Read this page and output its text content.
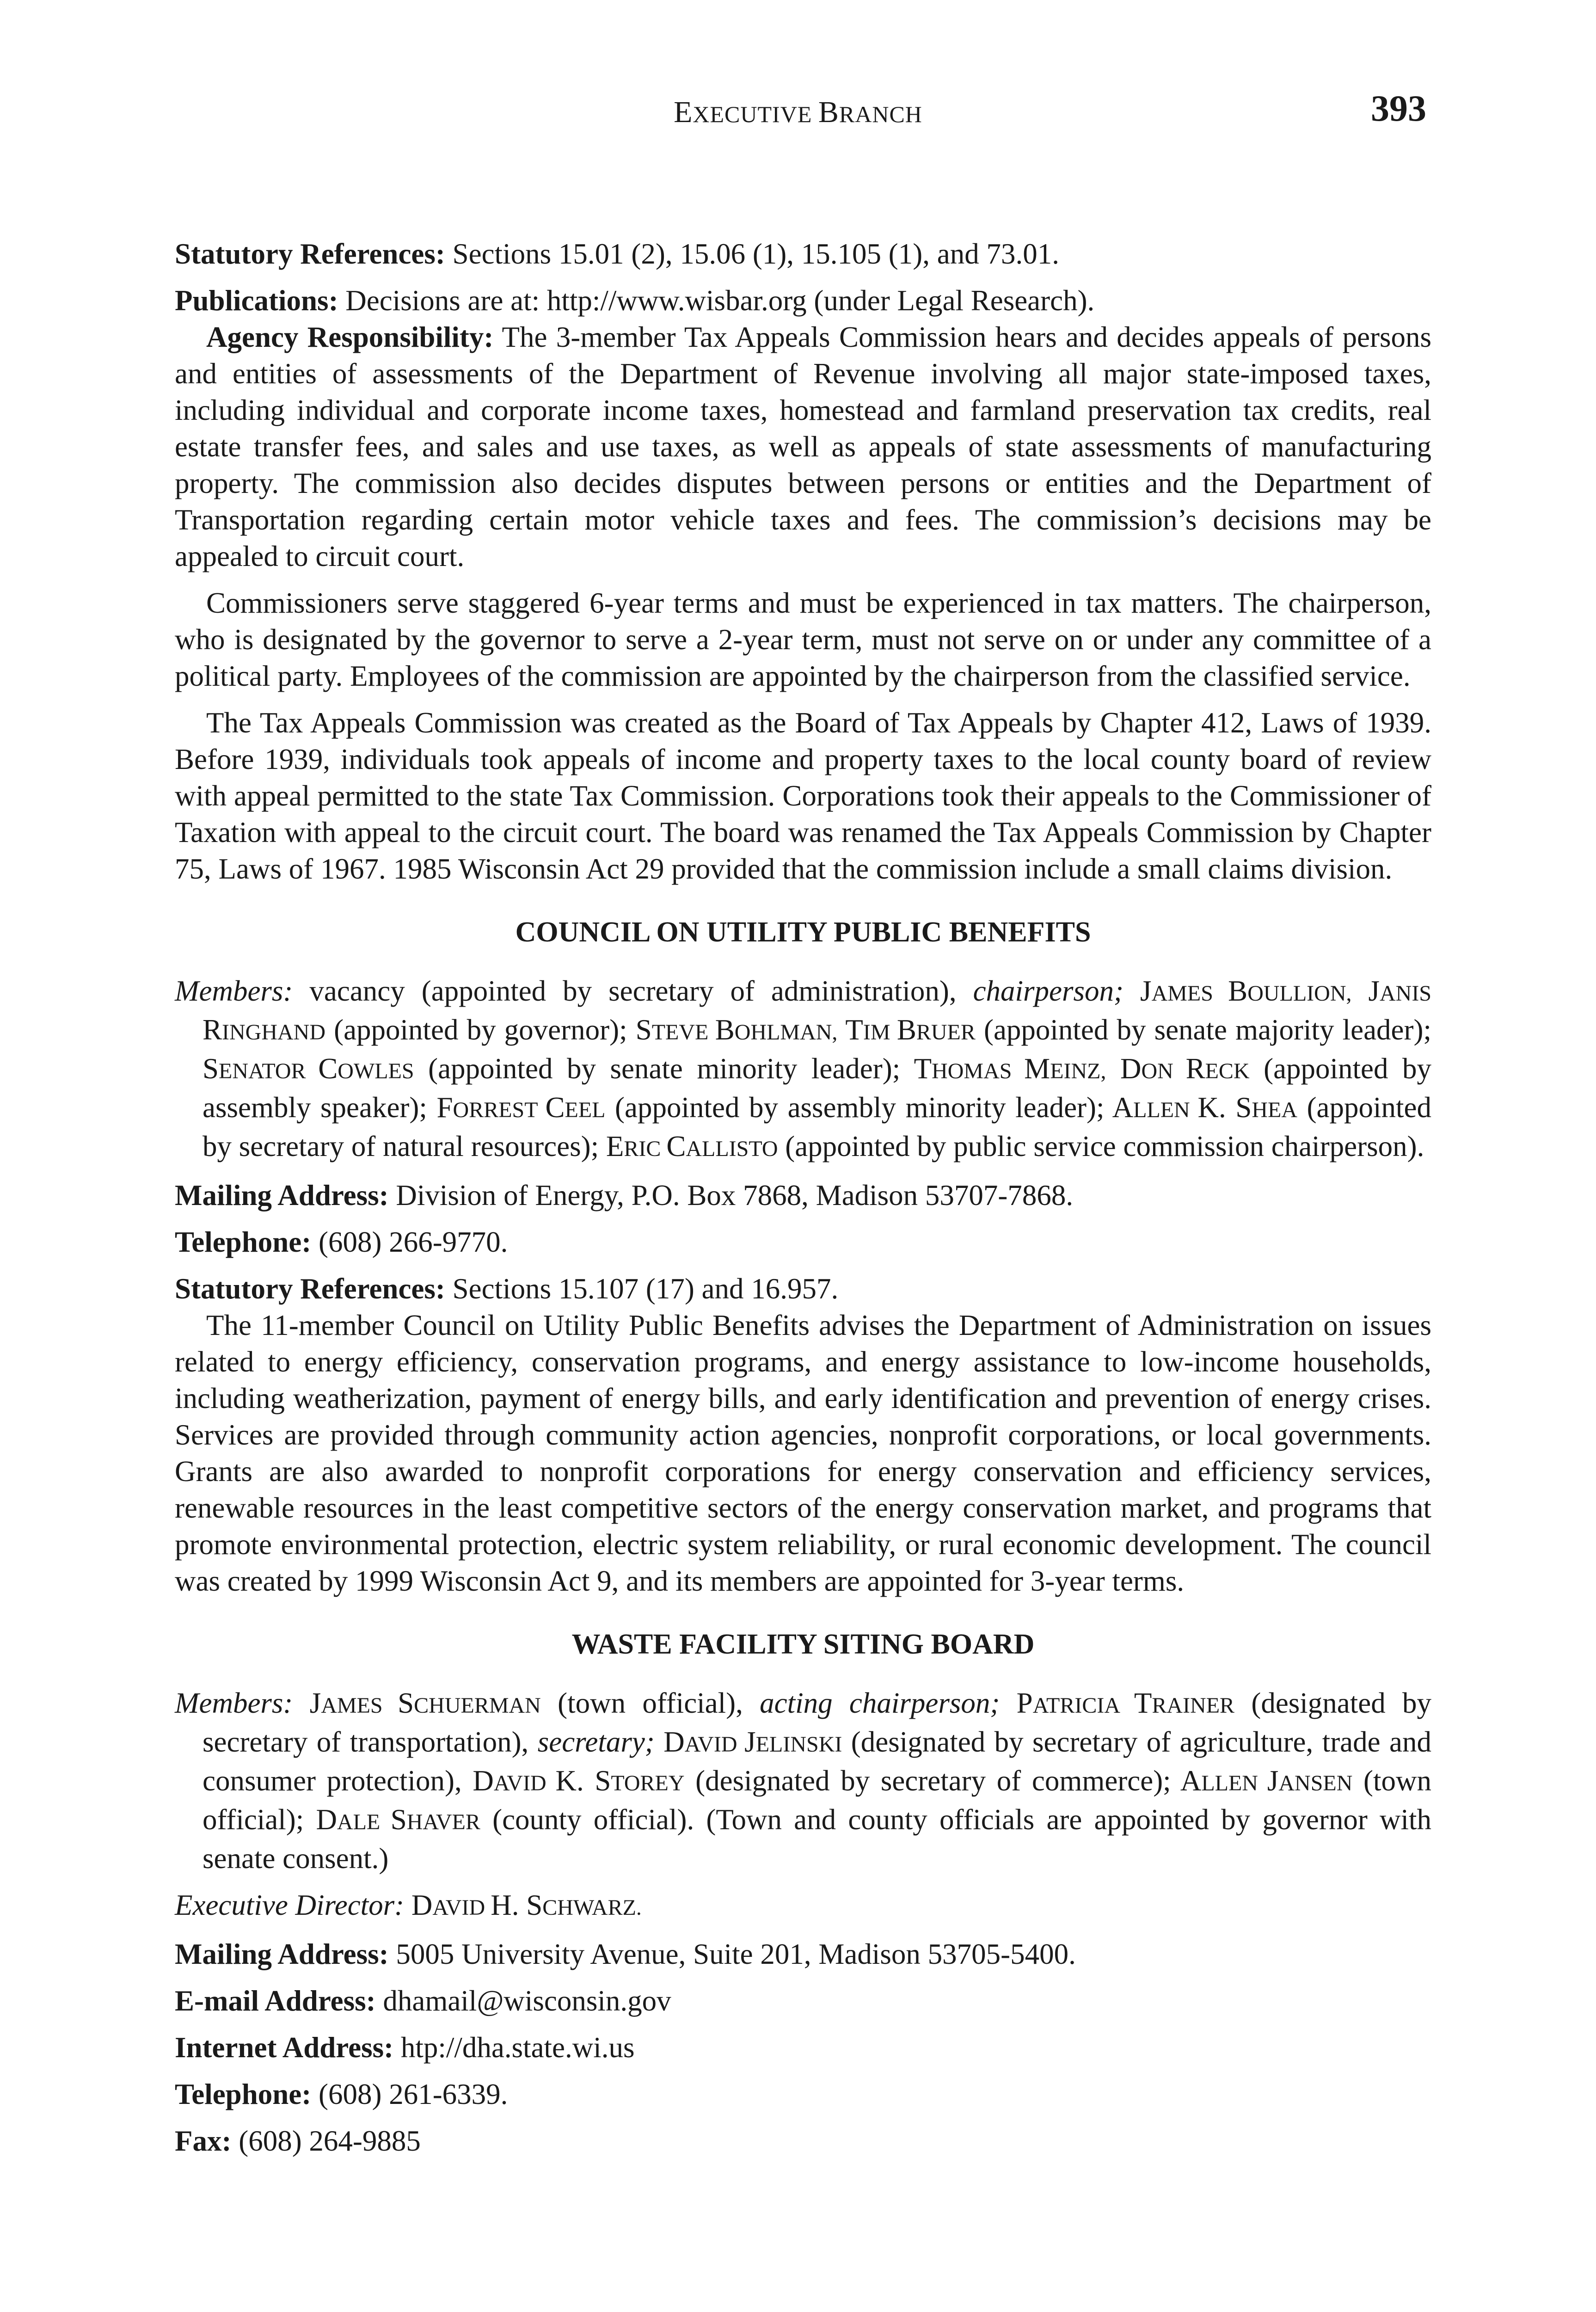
EXECUTIVE BRANCH	393

Statutory References: Sections 15.01 (2), 15.06 (1), 15.105 (1), and 73.01.

Publications: Decisions are at: http://www.wisbar.org (under Legal Research).

Agency Responsibility: The 3-member Tax Appeals Commission hears and decides appeals of persons and entities of assessments of the Department of Revenue involving all major state-imposed taxes, including individual and corporate income taxes, homestead and farmland preservation tax credits, real estate transfer fees, and sales and use taxes, as well as appeals of state assessments of manufacturing property. The commission also decides disputes between persons or entities and the Department of Transportation regarding certain motor vehicle taxes and fees. The commission’s decisions may be appealed to circuit court.

Commissioners serve staggered 6-year terms and must be experienced in tax matters. The chairperson, who is designated by the governor to serve a 2-year term, must not serve on or under any committee of a political party. Employees of the commission are appointed by the chairperson from the classified service.

The Tax Appeals Commission was created as the Board of Tax Appeals by Chapter 412, Laws of 1939. Before 1939, individuals took appeals of income and property taxes to the local county board of review with appeal permitted to the state Tax Commission. Corporations took their appeals to the Commissioner of Taxation with appeal to the circuit court. The board was renamed the Tax Appeals Commission by Chapter 75, Laws of 1967. 1985 Wisconsin Act 29 provided that the commission include a small claims division.

COUNCIL ON UTILITY PUBLIC BENEFITS

Members: vacancy (appointed by secretary of administration), chairperson; JAMES BOULLION, JANIS RINGHAND (appointed by governor); STEVE BOHLMAN, TIM BRUER (appointed by senate majority leader); SENATOR COWLES (appointed by senate minority leader); THOMAS MEINZ, DON RECK (appointed by assembly speaker); FORREST CEEL (appointed by assembly minority leader); ALLEN K. SHEA (appointed by secretary of natural resources); ERIC CALLISTO (appointed by public service commission chairperson).

Mailing Address: Division of Energy, P.O. Box 7868, Madison 53707-7868.

Telephone: (608) 266-9770.

Statutory References: Sections 15.107 (17) and 16.957.

The 11-member Council on Utility Public Benefits advises the Department of Administration on issues related to energy efficiency, conservation programs, and energy assistance to low-income households, including weatherization, payment of energy bills, and early identification and prevention of energy crises. Services are provided through community action agencies, nonprofit corporations, or local governments. Grants are also awarded to nonprofit corporations for energy conservation and efficiency services, renewable resources in the least competitive sectors of the energy conservation market, and programs that promote environmental protection, electric system reliability, or rural economic development. The council was created by 1999 Wisconsin Act 9, and its members are appointed for 3-year terms.

WASTE FACILITY SITING BOARD

Members: JAMES SCHUERMAN (town official), acting chairperson; PATRICIA TRAINER (designated by secretary of transportation), secretary; DAVID JELINSKI (designated by secretary of agriculture, trade and consumer protection), DAVID K. STOREY (designated by secretary of commerce); ALLEN JANSEN (town official); DALE SHAVER (county official). (Town and county officials are appointed by governor with senate consent.)

Executive Director: DAVID H. SCHWARZ.

Mailing Address: 5005 University Avenue, Suite 201, Madison 53705-5400.

E-mail Address: dhamail@wisconsin.gov

Internet Address: htp://dha.state.wi.us

Telephone: (608) 261-6339.

Fax: (608) 264-9885
